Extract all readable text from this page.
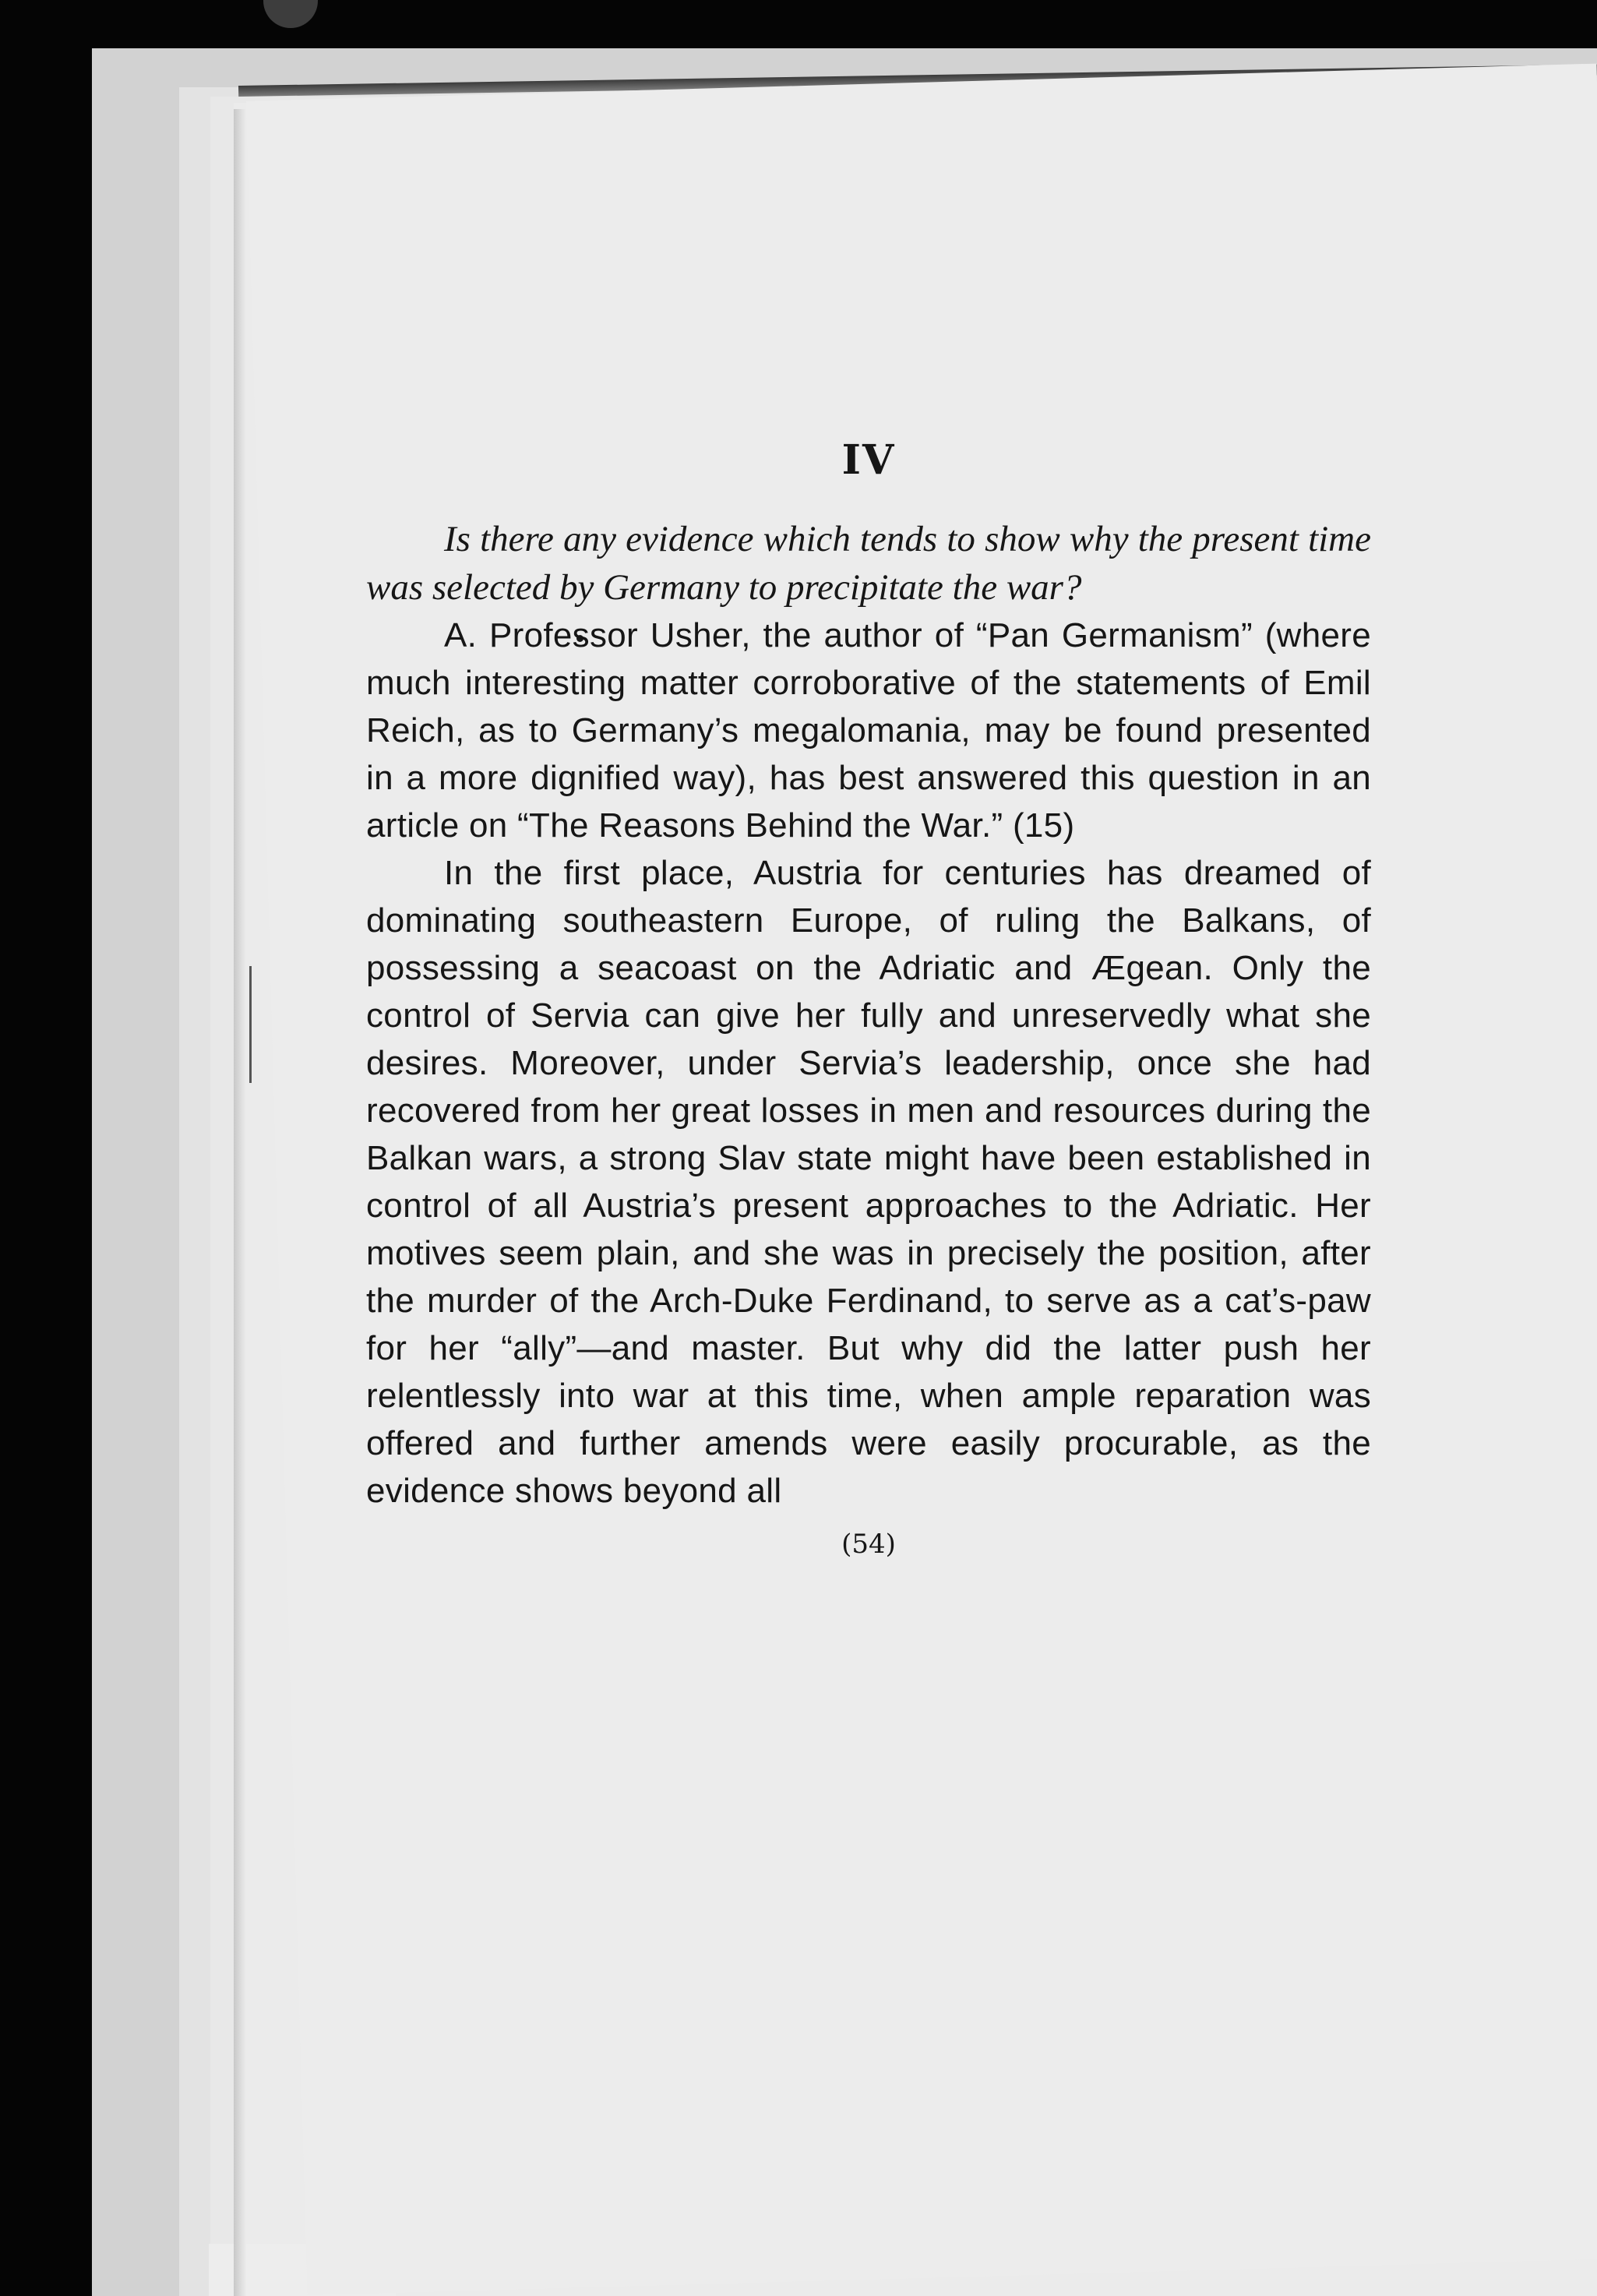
IV

Is there any evidence which tends to show why the present time was selected by Germany to precipitate the war?

A. Professor Usher, the author of “Pan Germanism” (where much interesting matter corroborative of the statements of Emil Reich, as to Germany’s megalomania, may be found presented in a more dignified way), has best answered this question in an article on “The Reasons Behind the War.” (15)

In the first place, Austria for centuries has dreamed of dominating southeastern Europe, of ruling the Balkans, of possessing a seacoast on the Adriatic and Ægean. Only the control of Servia can give her fully and unreservedly what she desires. Moreover, under Servia’s leadership, once she had recovered from her great losses in men and resources during the Balkan wars, a strong Slav state might have been established in control of all Austria’s present approaches to the Adriatic. Her motives seem plain, and she was in precisely the position, after the murder of the Arch-Duke Ferdinand, to serve as a cat’s-paw for her “ally”—and master. But why did the latter push her relentlessly into war at this time, when ample reparation was offered and further amends were easily procurable, as the evidence shows beyond all

(54)
